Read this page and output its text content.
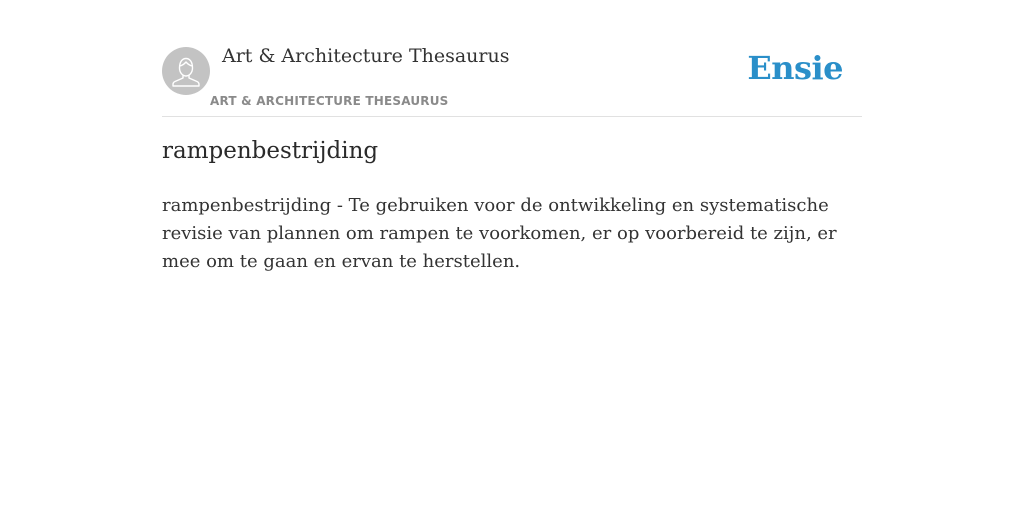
Art & Architecture Thesaurus
ART & ARCHITECTURE THESAURUS
Ensie
rampenbestrijding

rampenbestrijding - Te gebruiken voor de ontwikkeling en systematische revisie van plannen om rampen te voorkomen, er op voorbereid te zijn, er mee om te gaan en ervan te herstellen.
